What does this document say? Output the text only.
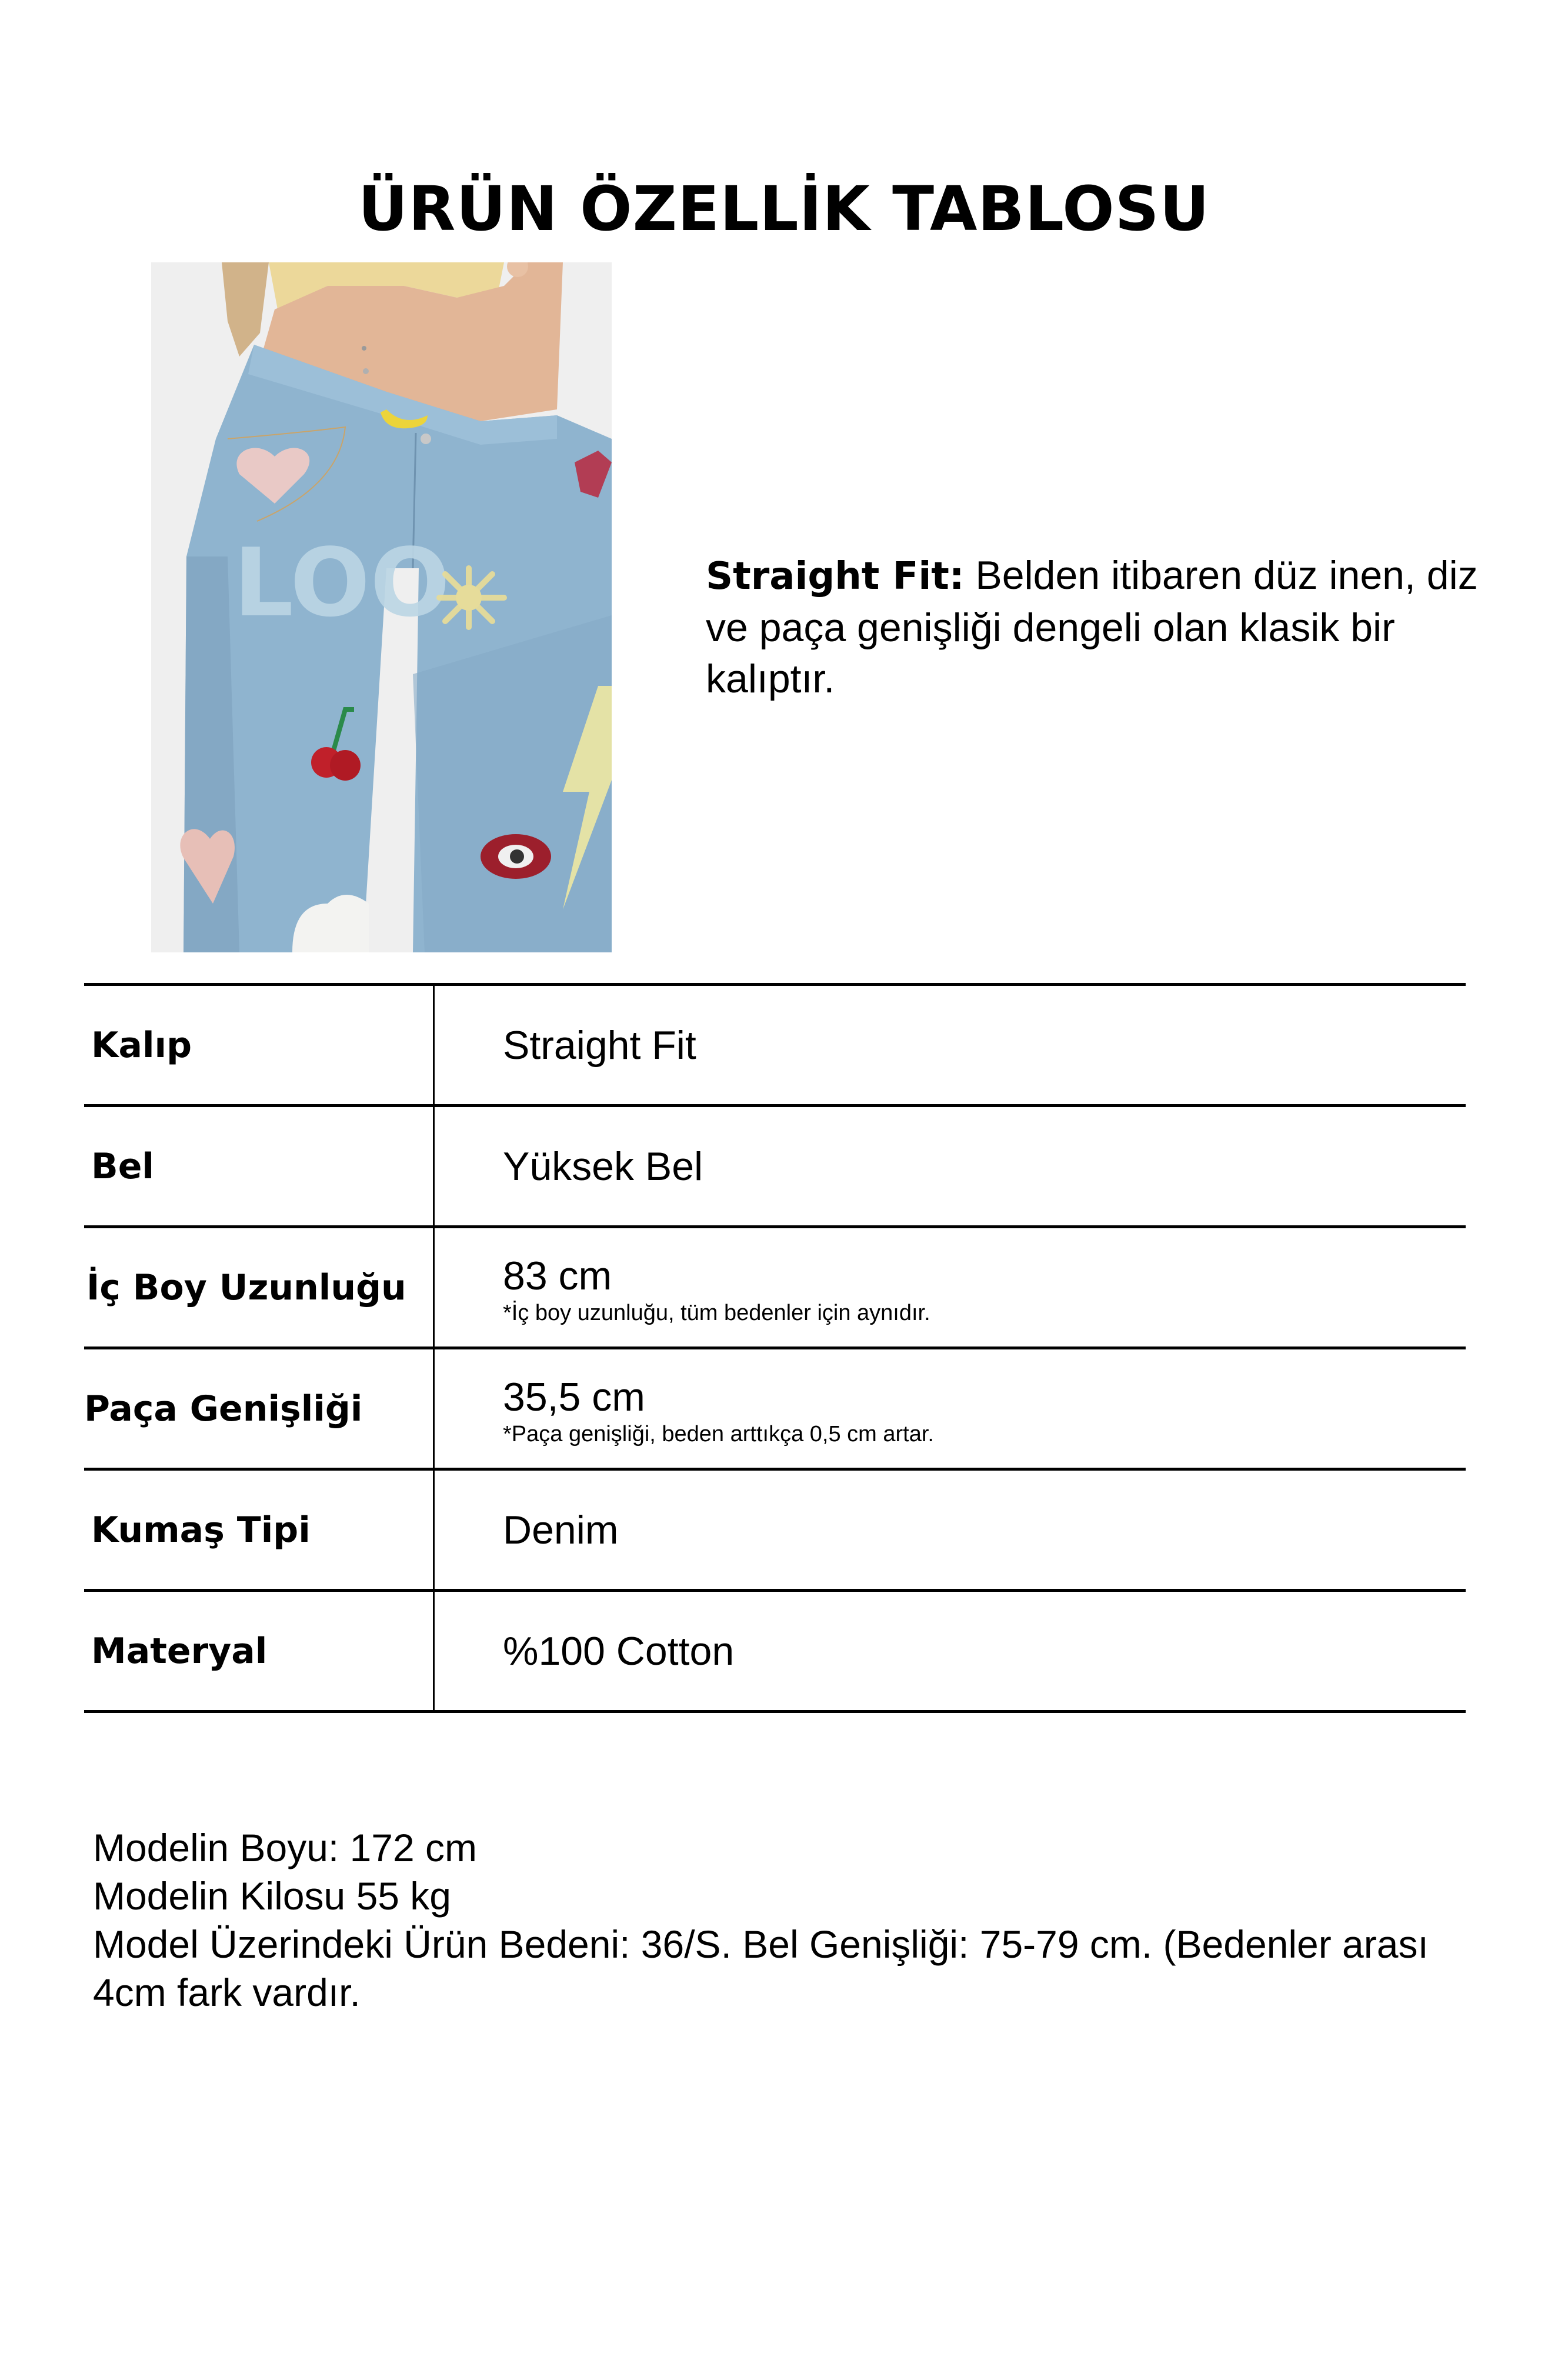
ÜRÜN ÖZELLİK TABLOSU
LOO	Straight Fit: Belden itibaren düz inen, diz ve paça genişliği dengeli olan klasik bir kalıptır.

Kalıp	Straight Fit
Bel	Yüksek Bel
İç Boy Uzunluğu	83 cm
*İç boy uzunluğu, tüm bedenler için aynıdır.
Paça Genişliği	35,5 cm
*Paça genişliği, beden arttıkça 0,5 cm artar.
Kumaş Tipi	Denim
Materyal	%100 Cotton
Modelin Boyu: 172 cm
Modelin Kilosu 55 kg
Model Üzerindeki Ürün Bedeni: 36/S. Bel Genişliği: 75-79 cm. (Bedenler arası 4cm fark vardır.
